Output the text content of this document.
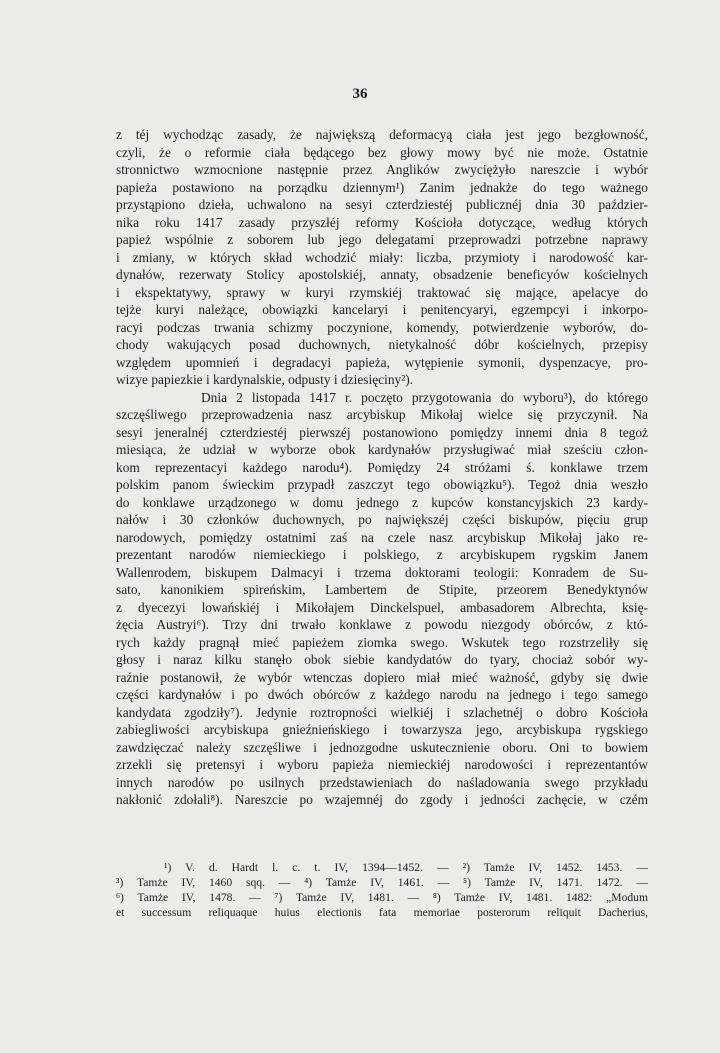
36
z téj wychodząc zasady, że największą deformacyą ciała jest jego bezgłowność,
czyli, że o reformie ciała będącego bez głowy mowy być nie może. Ostatnie
stronnictwo wzmocnione następnie przez Anglików zwyciężyło nareszcie i wybór
papieża postawiono na porządku dziennym¹) Zanim jednakże do tego ważnego
przystąpiono dzieła, uchwalono na sesyi czterdziestéj publicznéj dnia 30 paździer-
nika roku 1417 zasady przyszłéj reformy Kościoła dotyczące, według których
papież wspólnie z soborem lub jego delegatami przeprowadzi potrzebne naprawy
i zmiany, w których skład wchodzić miały: liczba, przymioty i narodowość kar-
dynałów, rezerwaty Stolicy apostolskiéj, annaty, obsadzenie beneficyów kościelnych
i ekspektatywy, sprawy w kuryi rzymskiéj traktować się mające, apelacye do
tejże kuryi należące, obowiązki kancelaryi i penitencyaryi, egzempcyi i inkorpo-
racyi podczas trwania schizmy poczynione, komendy, potwierdzenie wyborów, do-
chody wakujących posad duchownych, nietykalność dóbr kościelnych, przepisy
względem upomnień i degradacyi papieża, wytępienie symonii, dyspenzacye, pro-
wizye papiezkie i kardynalskie, odpusty i dziesięciny²).
Dnia 2 listopada 1417 r. poczęto przygotowania do wyboru³), do którego
szczęśliwego przeprowadzenia nasz arcybiskup Mikołaj wielce się przyczynił. Na
sesyi jeneralnéj czterdziestéj pierwszéj postanowiono pomiędzy innemi dnia 8 tegoż
miesiąca, że udział w wyborze obok kardynałów przysługiwać miał sześciu człon-
kom reprezentacyi każdego narodu⁴). Pomiędzy 24 stróżami ś. konklawe trzem
polskim panom świeckim przypadł zaszczyt tego obowiązku⁵). Tegoż dnia weszło
do konklawe urządzonego w domu jednego z kupców konstancyjskich 23 kardy-
nałów i 30 członków duchownych, po największéj części biskupów, pięciu grup
narodowych, pomiędzy ostatnimi zaś na czele nasz arcybiskup Mikołaj jako re-
prezentant narodów niemieckiego i polskiego, z arcybiskupem rygskim Janem
Wallenrodem, biskupem Dalmacyi i trzema doktorami teologii: Konradem de Su-
sato, kanonikiem spireńskim, Lambertem de Stipite, przeorem Benedyktynów
z dyecezyi lowańskiéj i Mikołajem Dinckelspuel, ambasadorem Albrechta, księ-
żęcia Austryi⁶). Trzy dni trwało konklawe z powodu niezgody obórców, z któ-
rych każdy pragnął mieć papieżem ziomka swego. Wskutek tego rozstrzeliły się
głosy i naraz kilku stanęło obok siebie kandydatów do tyary, chociaż sobór wy-
raźnie postanowił, że wybór wtenczas dopiero miał mieć ważność, gdyby się dwie
części kardynałów i po dwóch obórców z każdego narodu na jednego i tego samego
kandydata zgodziły⁷). Jedynie roztropności wielkiéj i szlachetnéj o dobro Kościoła
zabiegliwości arcybiskupa gnieźnieńskiego i towarzysza jego, arcybiskupa rygskiego
zawdzięczać należy szczęśliwe i jednozgodne uskutecznienie oboru. Oni to bowiem
zrzekli się pretensyi i wyboru papieża niemieckiéj narodowości i reprezentantów
innych narodów po usilnych przedstawieniach do naśladowania swego przykładu
nakłonić zdołali⁸). Nareszcie po wzajemnéj do zgody i jedności zachęcie, w czém
¹) V. d. Hardt l. c. t. IV, 1394—1452. — ²) Tamże IV, 1452. 1453. —
³) Tamże IV, 1460 sqq. — ⁴) Tamże IV, 1461. — ⁵) Tamże IV, 1471. 1472. —
⁶) Tamże IV, 1478. — ⁷) Tamże IV, 1481. — ⁸) Tamże IV, 1481. 1482: „Modum
et successum reliquaque huius electionis fata memoriae posterorum reliquit Dacherius,
